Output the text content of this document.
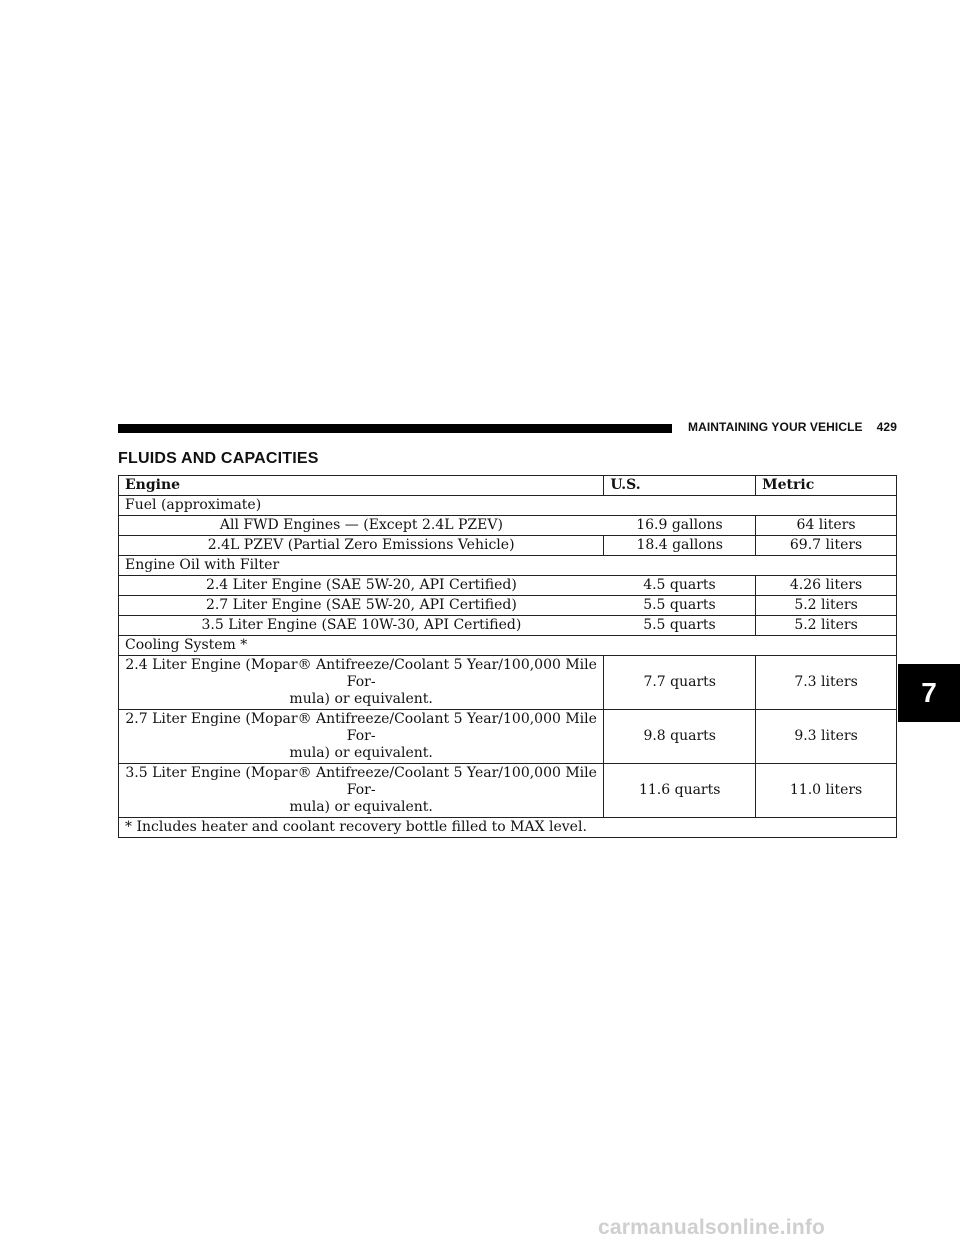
MAINTAINING YOUR VEHICLE 429
FLUIDS AND CAPACITIES
Engine	U.S.	Metric
Fuel (approximate)		
All FWD Engines — (Except 2.4L PZEV)	16.9 gallons	64 liters
2.4L PZEV (Partial Zero Emissions Vehicle)	18.4 gallons	69.7 liters
Engine Oil with Filter		
2.4 Liter Engine (SAE 5W-20, API Certified)	4.5 quarts	4.26 liters
2.7 Liter Engine (SAE 5W-20, API Certified)	5.5 quarts	5.2 liters
3.5 Liter Engine (SAE 10W-30, API Certified)	5.5 quarts	5.2 liters
Cooling System *		

2.4 Liter Engine (Mopar® Antifreeze/Coolant 5 Year/100,000 Mile For-
mula) or equivalent.	7.7 quarts	7.3 liters

2.7 Liter Engine (Mopar® Antifreeze/Coolant 5 Year/100,000 Mile For-
mula) or equivalent.	9.8 quarts	9.3 liters

3.5 Liter Engine (Mopar® Antifreeze/Coolant 5 Year/100,000 Mile For-
mula) or equivalent.	11.6 quarts	11.0 liters
* Includes heater and coolant recovery bottle filled to MAX level.		
7
carmanualsonline.info
